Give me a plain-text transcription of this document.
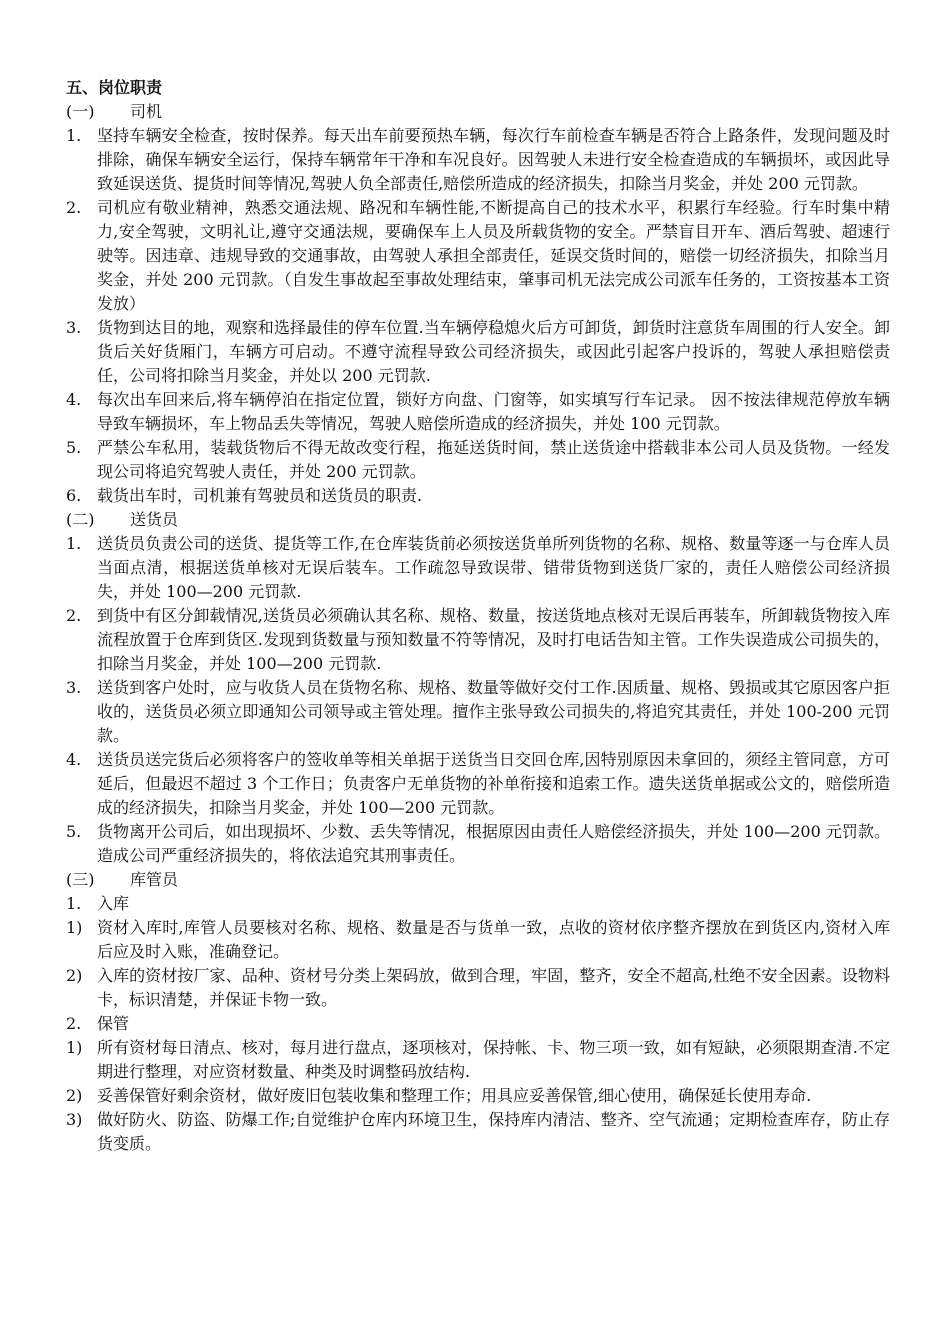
五、岗位职责
(一) 司机
1. 坚持车辆安全检查，按时保养。每天出车前要预热车辆，每次行车前检查车辆是否符合上路条件，发现问题及时排除，确保车辆安全运行，保持车辆常年干净和车况良好。因驾驶人未进行安全检查造成的车辆损坏，或因此导致延误送货、提货时间等情况,驾驶人负全部责任,赔偿所造成的经济损失，扣除当月奖金，并处 200 元罚款。
2. 司机应有敬业精神，熟悉交通法规、路况和车辆性能,不断提高自己的技术水平，积累行车经验。行车时集中精力,安全驾驶，文明礼让,遵守交通法规，要确保车上人员及所载货物的安全。严禁盲目开车、酒后驾驶、超速行驶等。因违章、违规导致的交通事故，由驾驶人承担全部责任，延误交货时间的，赔偿一切经济损失，扣除当月奖金，并处 200 元罚款。（自发生事故起至事故处理结束，肇事司机无法完成公司派车任务的，工资按基本工资发放）
3. 货物到达目的地，观察和选择最佳的停车位置.当车辆停稳熄火后方可卸货，卸货时注意货车周围的行人安全。卸货后关好货厢门，车辆方可启动。不遵守流程导致公司经济损失，或因此引起客户投诉的，驾驶人承担赔偿责任，公司将扣除当月奖金，并处以 200 元罚款.
4. 每次出车回来后,将车辆停泊在指定位置，锁好方向盘、门窗等，如实填写行车记录。 因不按法律规范停放车辆导致车辆损坏，车上物品丢失等情况，驾驶人赔偿所造成的经济损失，并处 100 元罚款。
5. 严禁公车私用，装载货物后不得无故改变行程，拖延送货时间，禁止送货途中搭载非本公司人员及货物。一经发现公司将追究驾驶人责任，并处 200 元罚款。
6. 载货出车时，司机兼有驾驶员和送货员的职责.
(二) 送货员
1. 送货员负责公司的送货、提货等工作,在仓库装货前必须按送货单所列货物的名称、规格、数量等逐一与仓库人员当面点清，根据送货单核对无误后装车。工作疏忽导致误带、错带货物到送货厂家的，责任人赔偿公司经济损失，并处 100—200 元罚款.
2. 到货中有区分卸载情况,送货员必须确认其名称、规格、数量，按送货地点核对无误后再装车，所卸载货物按入库流程放置于仓库到货区.发现到货数量与预知数量不符等情况，及时打电话告知主管。工作失误造成公司损失的，扣除当月奖金，并处 100—200 元罚款.
3. 送货到客户处时，应与收货人员在货物名称、规格、数量等做好交付工作.因质量、规格、毁损或其它原因客户拒收的，送货员必须立即通知公司领导或主管处理。擅作主张导致公司损失的,将追究其责任，并处 100-200 元罚款。
4. 送货员送完货后必须将客户的签收单等相关单据于送货当日交回仓库,因特别原因未拿回的，须经主管同意，方可延后，但最迟不超过 3 个工作日；负责客户无单货物的补单衔接和追索工作。遗失送货单据或公文的，赔偿所造成的经济损失，扣除当月奖金，并处 100—200 元罚款。
5. 货物离开公司后，如出现损坏、少数、丢失等情况，根据原因由责任人赔偿经济损失，并处 100—200 元罚款。造成公司严重经济损失的，将依法追究其刑事责任。
(三) 库管员
1. 入库
1) 资材入库时,库管人员要核对名称、规格、数量是否与货单一致，点收的资材依序整齐摆放在到货区内,资材入库后应及时入账，准确登记。
2) 入库的资材按厂家、品种、资材号分类上架码放，做到合理，牢固，整齐，安全不超高,杜绝不安全因素。设物料卡，标识清楚，并保证卡物一致。
2. 保管
1) 所有资材每日清点、核对，每月进行盘点，逐项核对，保持帐、卡、物三项一致，如有短缺，必须限期查清.不定期进行整理，对应资材数量、种类及时调整码放结构.
2) 妥善保管好剩余资材，做好废旧包装收集和整理工作；用具应妥善保管,细心使用，确保延长使用寿命.
3) 做好防火、防盗、防爆工作;自觉维护仓库内环境卫生，保持库内清洁、整齐、空气流通；定期检查库存，防止存货变质。
